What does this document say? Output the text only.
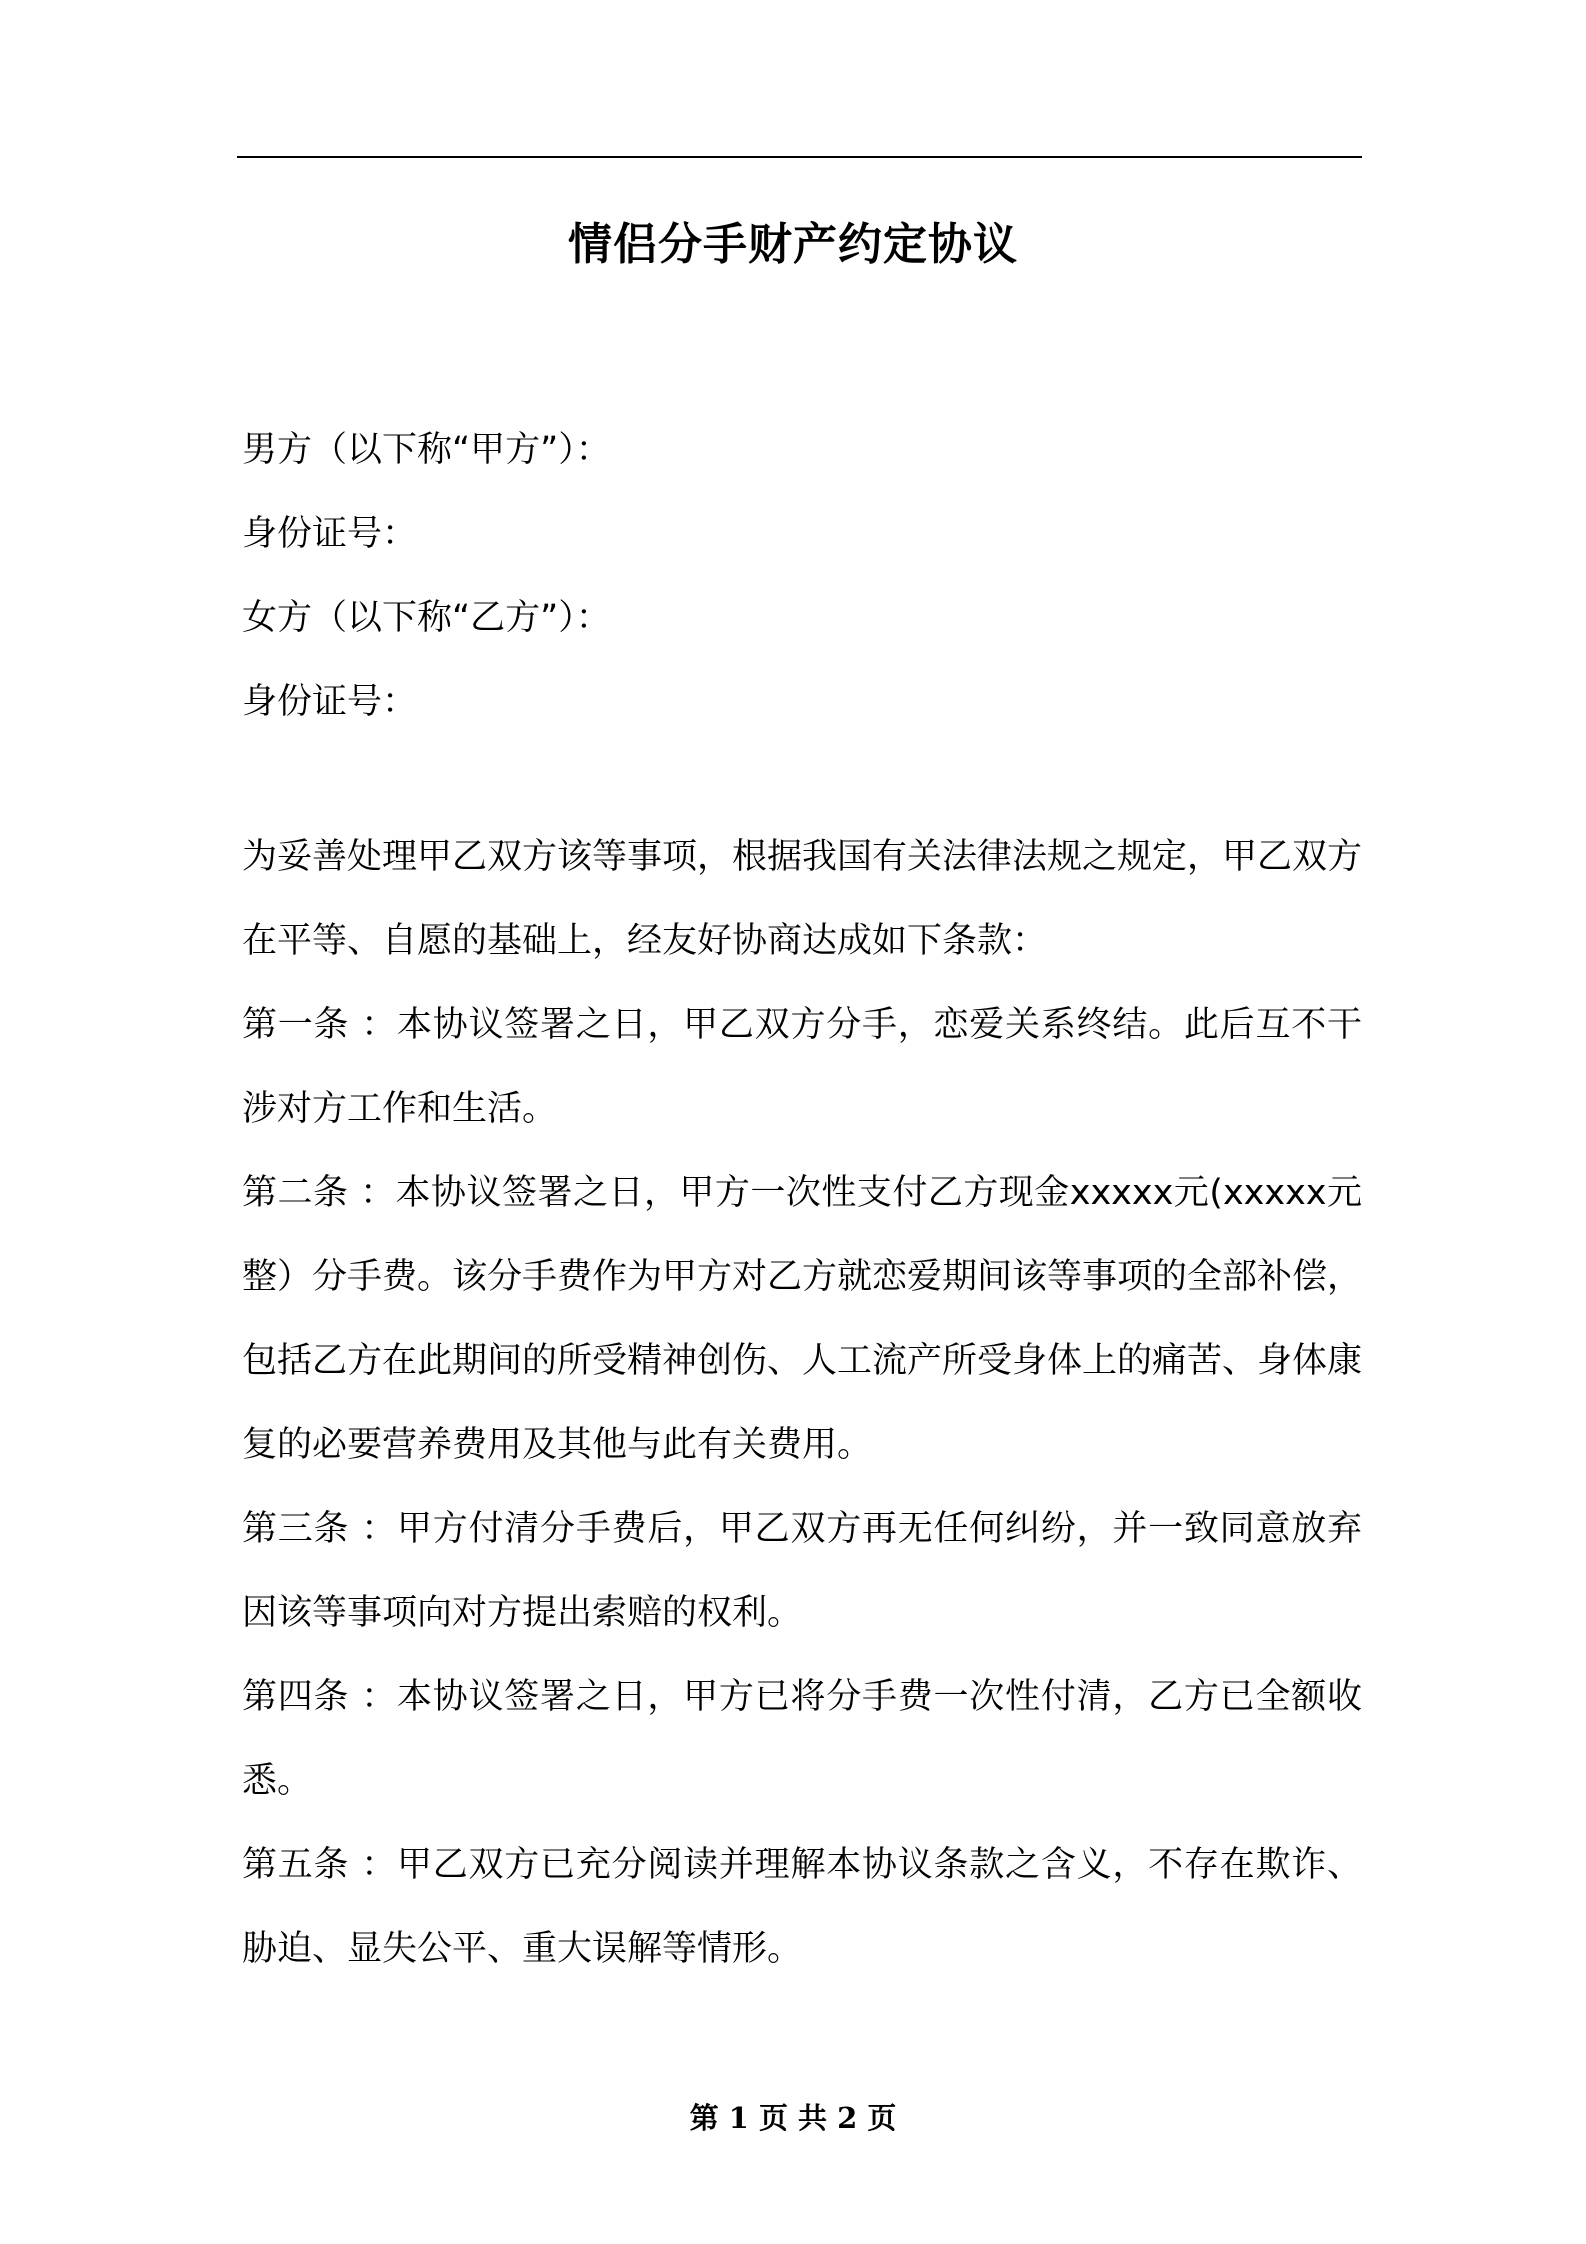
情侣分手财产约定协议
男方（以下称“甲方”）：
身份证号：
女方（以下称“乙方”）：
身份证号：

为妥善处理甲乙双方该等事项，根据我国有关法律法规之规定，甲乙双方在平等、自愿的基础上，经友好协商达成如下条款：

第一条 ：本协议签署之日，甲乙双方分手，恋爱关系终结。此后互不干涉对方工作和生活。

第二条 ：本协议签署之日，甲方一次性支付乙方现金xxxxx元(xxxxx元整）分手费。该分手费作为甲方对乙方就恋爱期间该等事项的全部补偿，包括乙方在此期间的所受精神创伤、人工流产所受身体上的痛苦、身体康复的必要营养费用及其他与此有关费用。

第三条 ：甲方付清分手费后，甲乙双方再无任何纠纷，并一致同意放弃因该等事项向对方提出索赔的权利。

第四条 ：本协议签署之日，甲方已将分手费一次性付清，乙方已全额收悉。

第五条 ：甲乙双方已充分阅读并理解本协议条款之含义，不存在欺诈、胁迫、显失公平、重大误解等情形。

第 1 页 共 2 页
